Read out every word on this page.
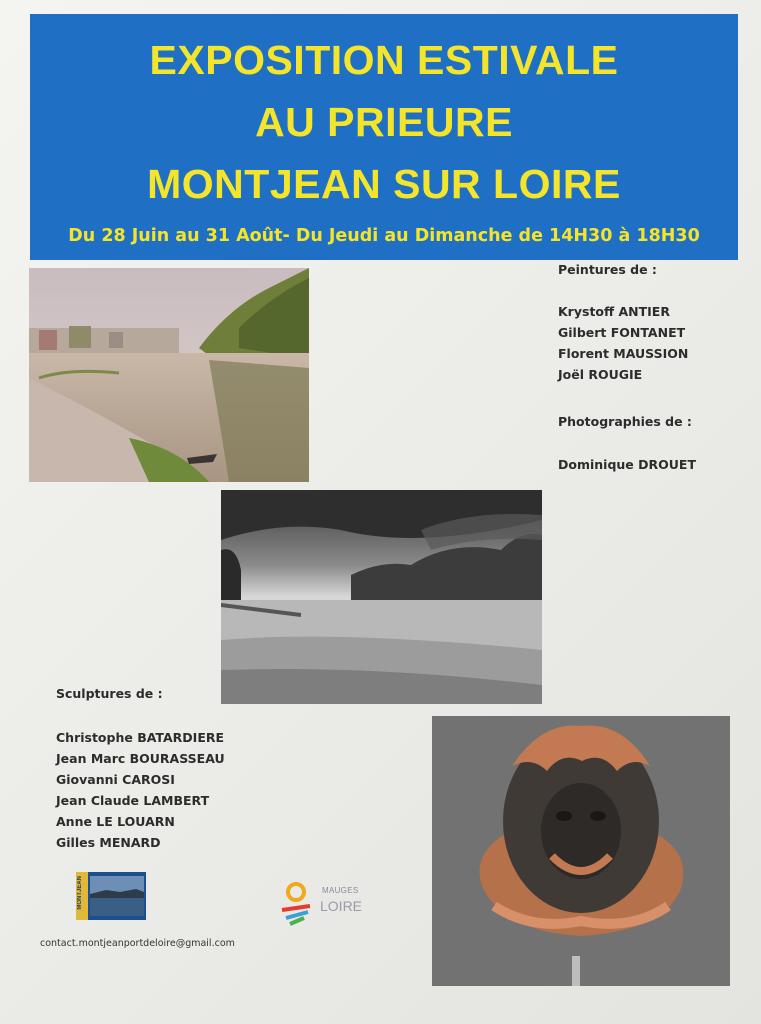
EXPOSITION ESTIVALE
AU PRIEURE
MONTJEAN SUR LOIRE
Du 28 Juin au 31 Août- Du Jeudi au Dimanche de 14H30 à 18H30
Peintures de :
Krystoff ANTIER
Gilbert FONTANET
Florent MAUSSION
Joël ROUGIE
Photographies de :
Dominique DROUET
Sculptures de :
Christophe BATARDIERE
Jean Marc BOURASSEAU
Giovanni CAROSI
Jean Claude LAMBERT
Anne LE LOUARN
Gilles MENARD
MONTJEAN	MAUGES
LOIRE
contact.montjeanportdeloire@gmail.com
